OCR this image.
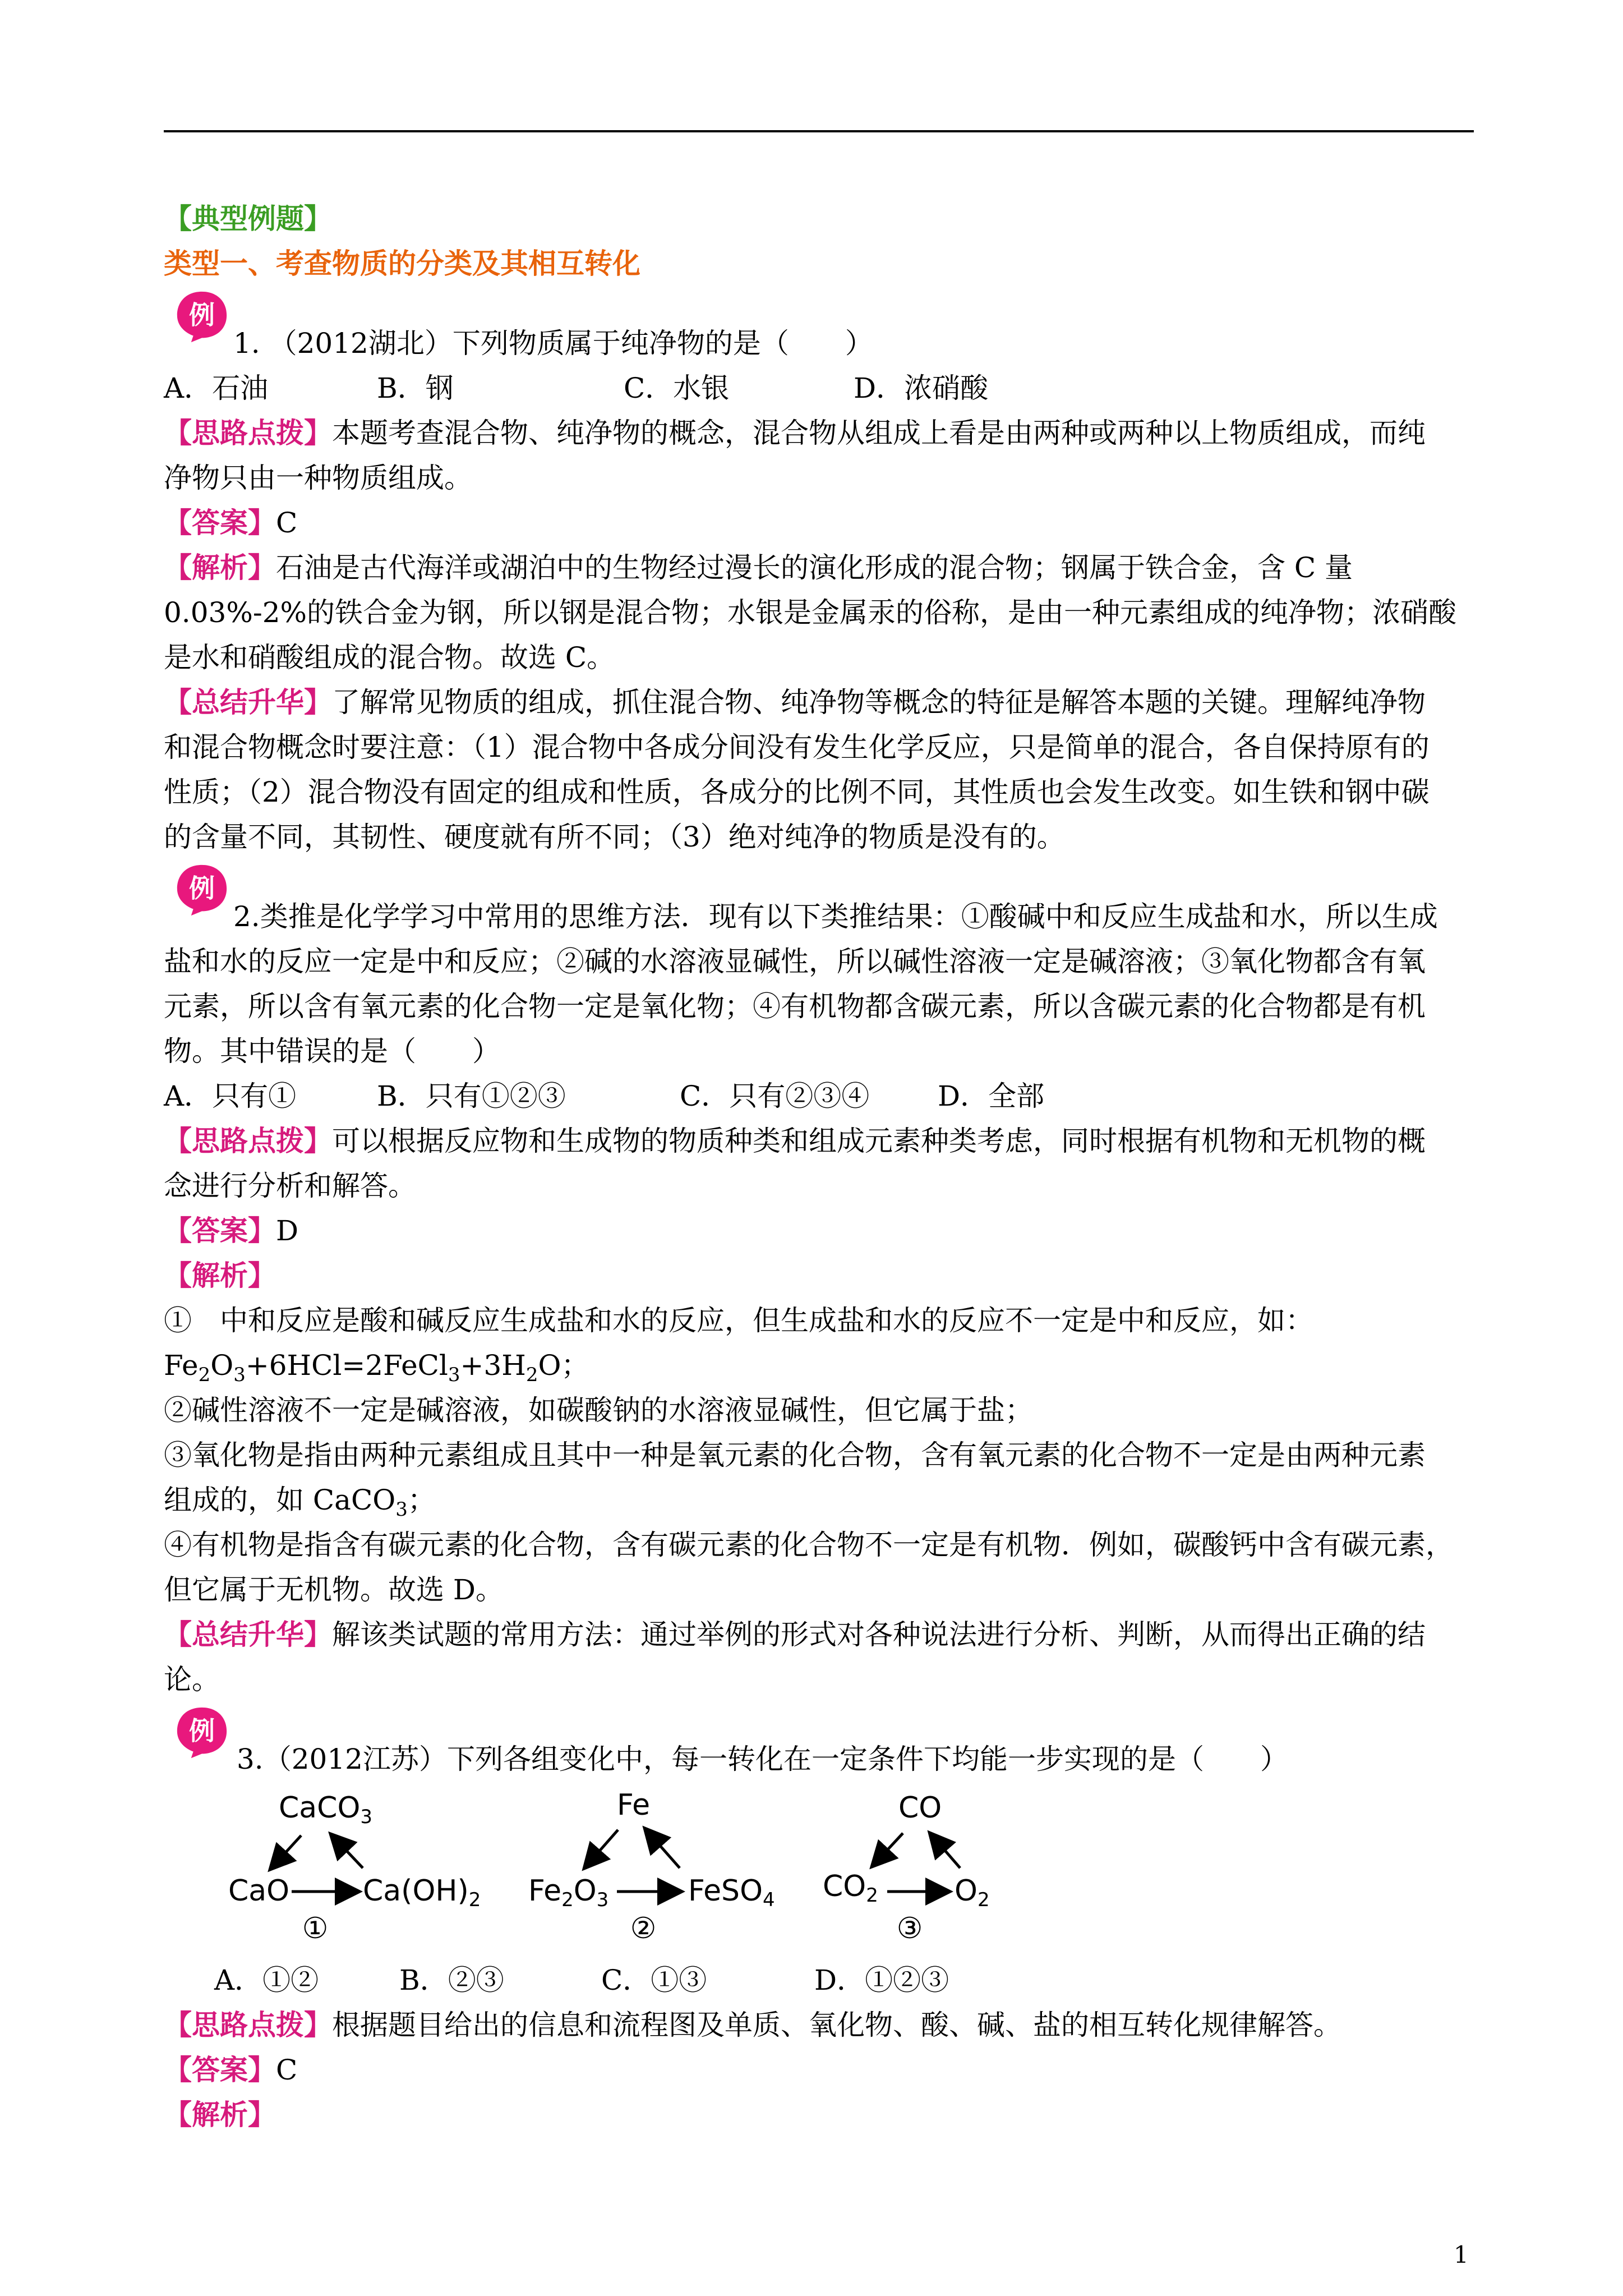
【典型例题】
类型一、考查物质的分类及其相互转化
例
1. （2012湖北）下列物质属于纯净物的是（　　）
A．石油	B．钢	C．水银	D．浓硝酸
【思路点拨】本题考查混合物、纯净物的概念，混合物从组成上看是由两种或两种以上物质组成，而纯
净物只由一种物质组成。
【答案】C
【解析】石油是古代海洋或湖泊中的生物经过漫长的演化形成的混合物；钢属于铁合金，含 C 量
0.03%-2%的铁合金为钢，所以钢是混合物；水银是金属汞的俗称，是由一种元素组成的纯净物；浓硝酸
是水和硝酸组成的混合物。故选 C。
【总结升华】了解常见物质的组成，抓住混合物、纯净物等概念的特征是解答本题的关键。理解纯净物
和混合物概念时要注意：（1）混合物中各成分间没有发生化学反应，只是简单的混合，各自保持原有的
性质；（2）混合物没有固定的组成和性质，各成分的比例不同，其性质也会发生改变。如生铁和钢中碳
的含量不同，其韧性、硬度就有所不同；（3）绝对纯净的物质是没有的。
例
2.类推是化学学习中常用的思维方法．现有以下类推结果：①酸碱中和反应生成盐和水，所以生成
盐和水的反应一定是中和反应；②碱的水溶液显碱性，所以碱性溶液一定是碱溶液；③氧化物都含有氧
元素，所以含有氧元素的化合物一定是氧化物；④有机物都含碳元素，所以含碳元素的化合物都是有机
物。其中错误的是（　　）
A．只有①	B．只有①②③	C．只有②③④ D．全部
【思路点拨】可以根据反应物和生成物的物质种类和组成元素种类考虑，同时根据有机物和无机物的概
念进行分析和解答。
【答案】D
【解析】
①　中和反应是酸和碱反应生成盐和水的反应，但生成盐和水的反应不一定是中和反应，如：
$Fe_2O_3+6HCl=2FeCl_3+3H_2O$；
②碱性溶液不一定是碱溶液，如碳酸钠的水溶液显碱性，但它属于盐；
③氧化物是指由两种元素组成且其中一种是氧元素的化合物，含有氧元素的化合物不一定是由两种元素
组成的，如 CaCO$_3$；
④有机物是指含有碳元素的化合物，含有碳元素的化合物不一定是有机物．例如，碳酸钙中含有碳元素，
但它属于无机物。故选 D。
【总结升华】解该类试题的常用方法：通过举例的形式对各种说法进行分析、判断，从而得出正确的结
论。
例
3.（2012江苏）下列各组变化中，每一转化在一定条件下均能一步实现的是（　　）
CaCO3
CaO	Ca(OH)2
①
Fe
Fe2O3	FeSO4
②
CO
CO2	O2
③
A．①②	B．②③	C．①③	D．①②③
【思路点拨】根据题目给出的信息和流程图及单质、氧化物、酸、碱、盐的相互转化规律解答。
【答案】C
【解析】
1
